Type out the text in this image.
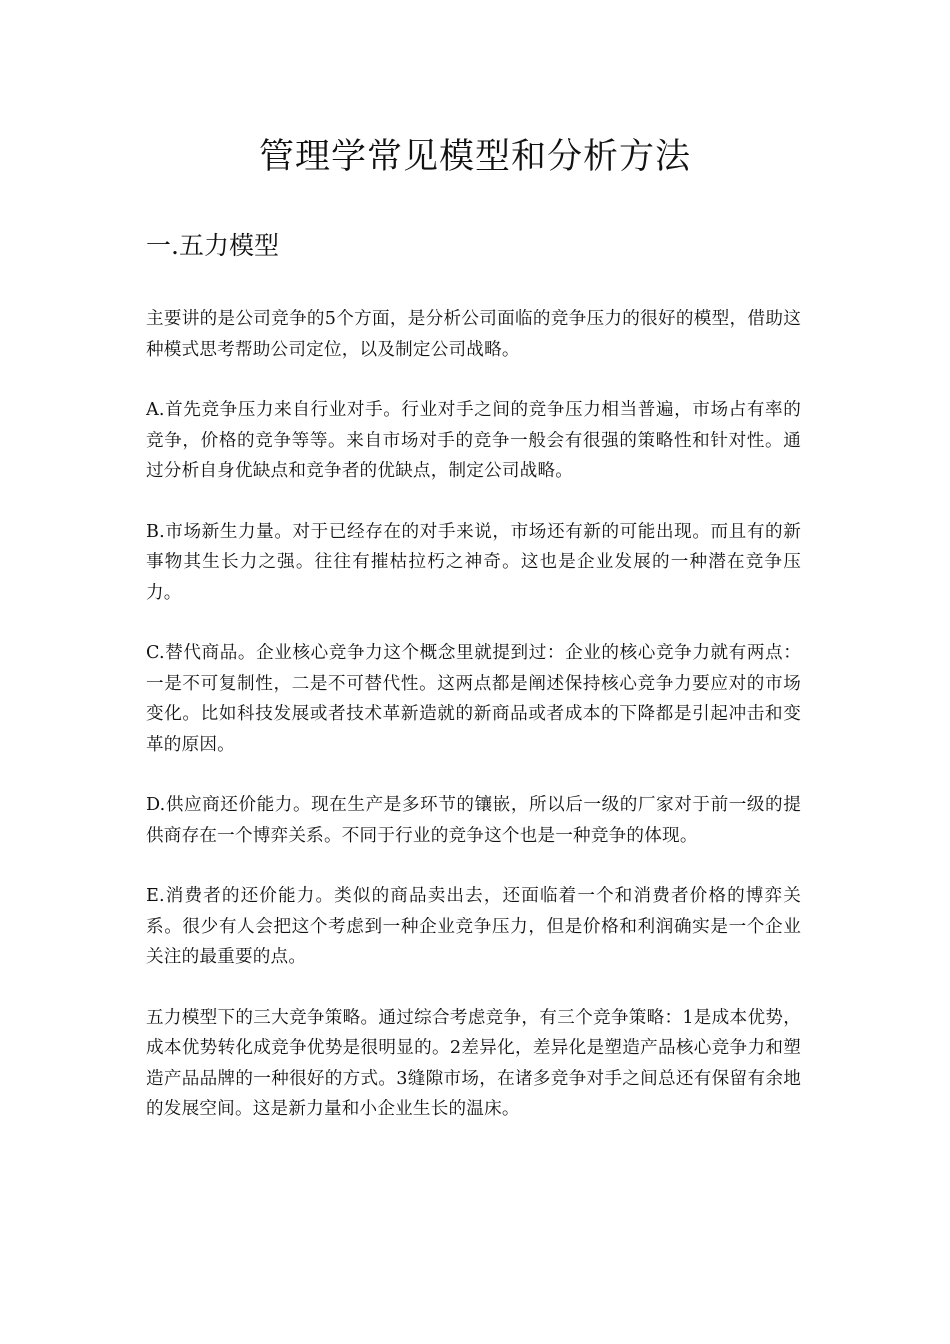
管理学常见模型和分析方法
一.五力模型

主要讲的是公司竞争的5个方面，是分析公司面临的竞争压力的很好的模型，借助这种模式思考帮助公司定位，以及制定公司战略。

A.首先竞争压力来自行业对手。行业对手之间的竞争压力相当普遍，市场占有率的竞争，价格的竞争等等。来自市场对手的竞争一般会有很强的策略性和针对性。通过分析自身优缺点和竞争者的优缺点，制定公司战略。

B.市场新生力量。对于已经存在的对手来说，市场还有新的可能出现。而且有的新事物其生长力之强。往往有摧枯拉朽之神奇。这也是企业发展的一种潜在竞争压力。

C.替代商品。企业核心竞争力这个概念里就提到过：企业的核心竞争力就有两点：一是不可复制性，二是不可替代性。这两点都是阐述保持核心竞争力要应对的市场变化。比如科技发展或者技术革新造就的新商品或者成本的下降都是引起冲击和变革的原因。

D.供应商还价能力。现在生产是多环节的镶嵌，所以后一级的厂家对于前一级的提供商存在一个博弈关系。不同于行业的竞争这个也是一种竞争的体现。

E.消费者的还价能力。类似的商品卖出去，还面临着一个和消费者价格的博弈关系。很少有人会把这个考虑到一种企业竞争压力，但是价格和利润确实是一个企业关注的最重要的点。

五力模型下的三大竞争策略。通过综合考虑竞争，有三个竞争策略：1是成本优势，成本优势转化成竞争优势是很明显的。2差异化，差异化是塑造产品核心竞争力和塑造产品品牌的一种很好的方式。3缝隙市场，在诸多竞争对手之间总还有保留有余地的发展空间。这是新力量和小企业生长的温床。
